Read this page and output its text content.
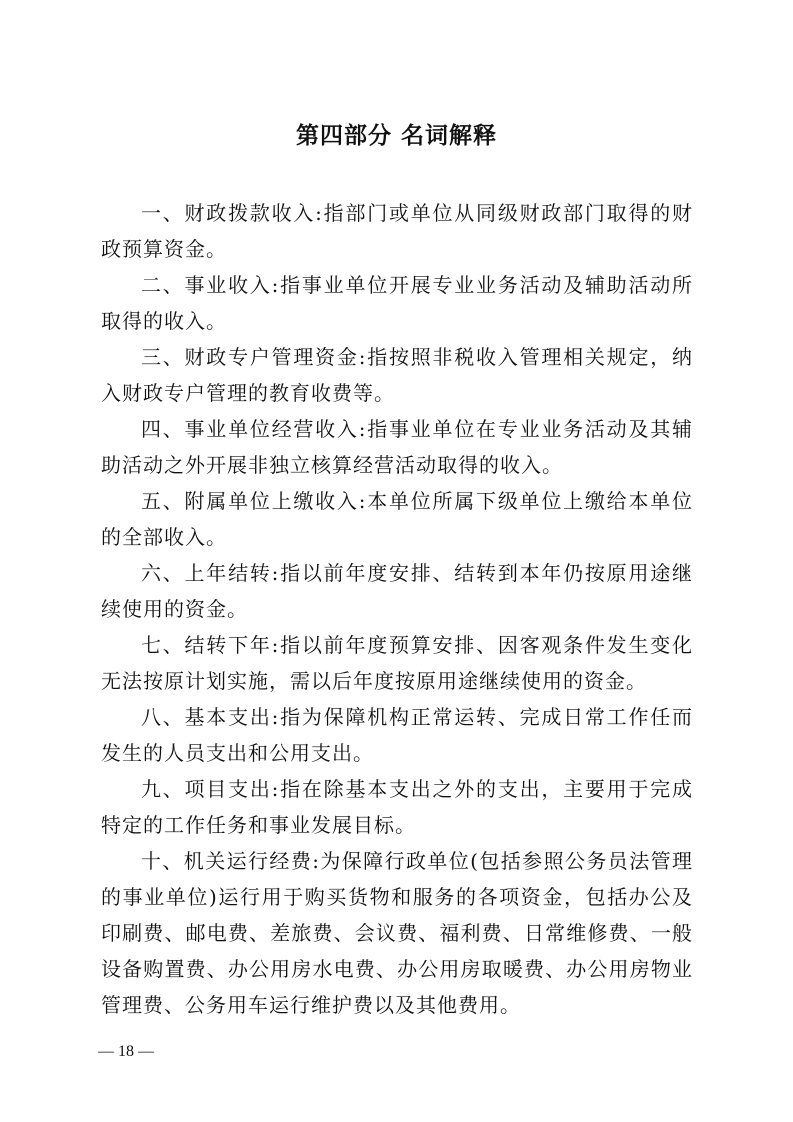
第四部分 名词解释

一、财政拨款收入:指部门或单位从同级财政部门取得的财政预算资金。

二、事业收入:指事业单位开展专业业务活动及辅助活动所取得的收入。

三、财政专户管理资金:指按照非税收入管理相关规定，纳入财政专户管理的教育收费等。

四、事业单位经营收入:指事业单位在专业业务活动及其辅助活动之外开展非独立核算经营活动取得的收入。

五、附属单位上缴收入:本单位所属下级单位上缴给本单位的全部收入。

六、上年结转:指以前年度安排、结转到本年仍按原用途继续使用的资金。

七、结转下年:指以前年度预算安排、因客观条件发生变化无法按原计划实施，需以后年度按原用途继续使用的资金。

八、基本支出:指为保障机构正常运转、完成日常工作任而发生的人员支出和公用支出。

九、项目支出:指在除基本支出之外的支出，主要用于完成特定的工作任务和事业发展目标。

十、机关运行经费:为保障行政单位(包括参照公务员法管理的事业单位)运行用于购买货物和服务的各项资金，包括办公及印刷费、邮电费、差旅费、会议费、福利费、日常维修费、一般设备购置费、办公用房水电费、办公用房取暖费、办公用房物业管理费、公务用车运行维护费以及其他费用。

— 18 —
